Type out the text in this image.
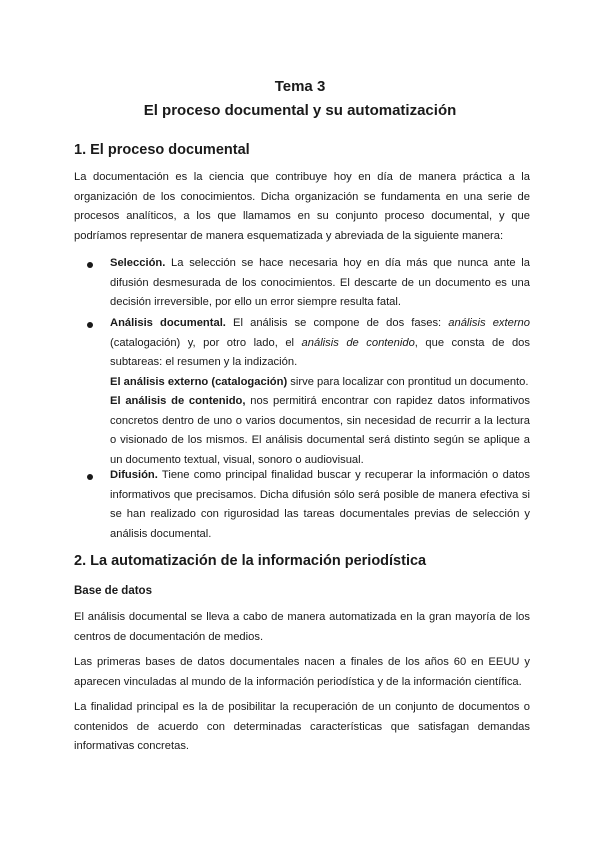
Tema 3
El proceso documental y su automatización
1. El proceso documental
La documentación es la ciencia que contribuye hoy en día de manera práctica a la organización de los conocimientos. Dicha organización se fundamenta en una serie de procesos analíticos, a los que llamamos en su conjunto proceso documental, y que podríamos representar de manera esquematizada y abreviada de la siguiente manera:
Selección. La selección se hace necesaria hoy en día más que nunca ante la difusión desmesurada de los conocimientos. El descarte de un documento es una decisión irreversible, por ello un error siempre resulta fatal.
Análisis documental. El análisis se compone de dos fases: análisis externo (catalogación) y, por otro lado, el análisis de contenido, que consta de dos subtareas: el resumen y la indización.
El análisis externo (catalogación) sirve para localizar con prontitud un documento.
El análisis de contenido, nos permitirá encontrar con rapidez datos informativos concretos dentro de uno o varios documentos, sin necesidad de recurrir a la lectura o visionado de los mismos. El análisis documental será distinto según se aplique a un documento textual, visual, sonoro o audiovisual.
Difusión. Tiene como principal finalidad buscar y recuperar la información o datos informativos que precisamos. Dicha difusión sólo será posible de manera efectiva si se han realizado con rigurosidad las tareas documentales previas de selección y análisis documental.
2. La automatización de la información periodística
Base de datos
El análisis documental se lleva a cabo de manera automatizada en la gran mayoría de los centros de documentación de medios.
Las primeras bases de datos documentales nacen a finales de los años 60 en EEUU y aparecen vinculadas al mundo de la información periodística y de la información científica.
La finalidad principal es la de posibilitar la recuperación de un conjunto de documentos o contenidos de acuerdo con determinadas características que satisfagan demandas informativas concretas.
